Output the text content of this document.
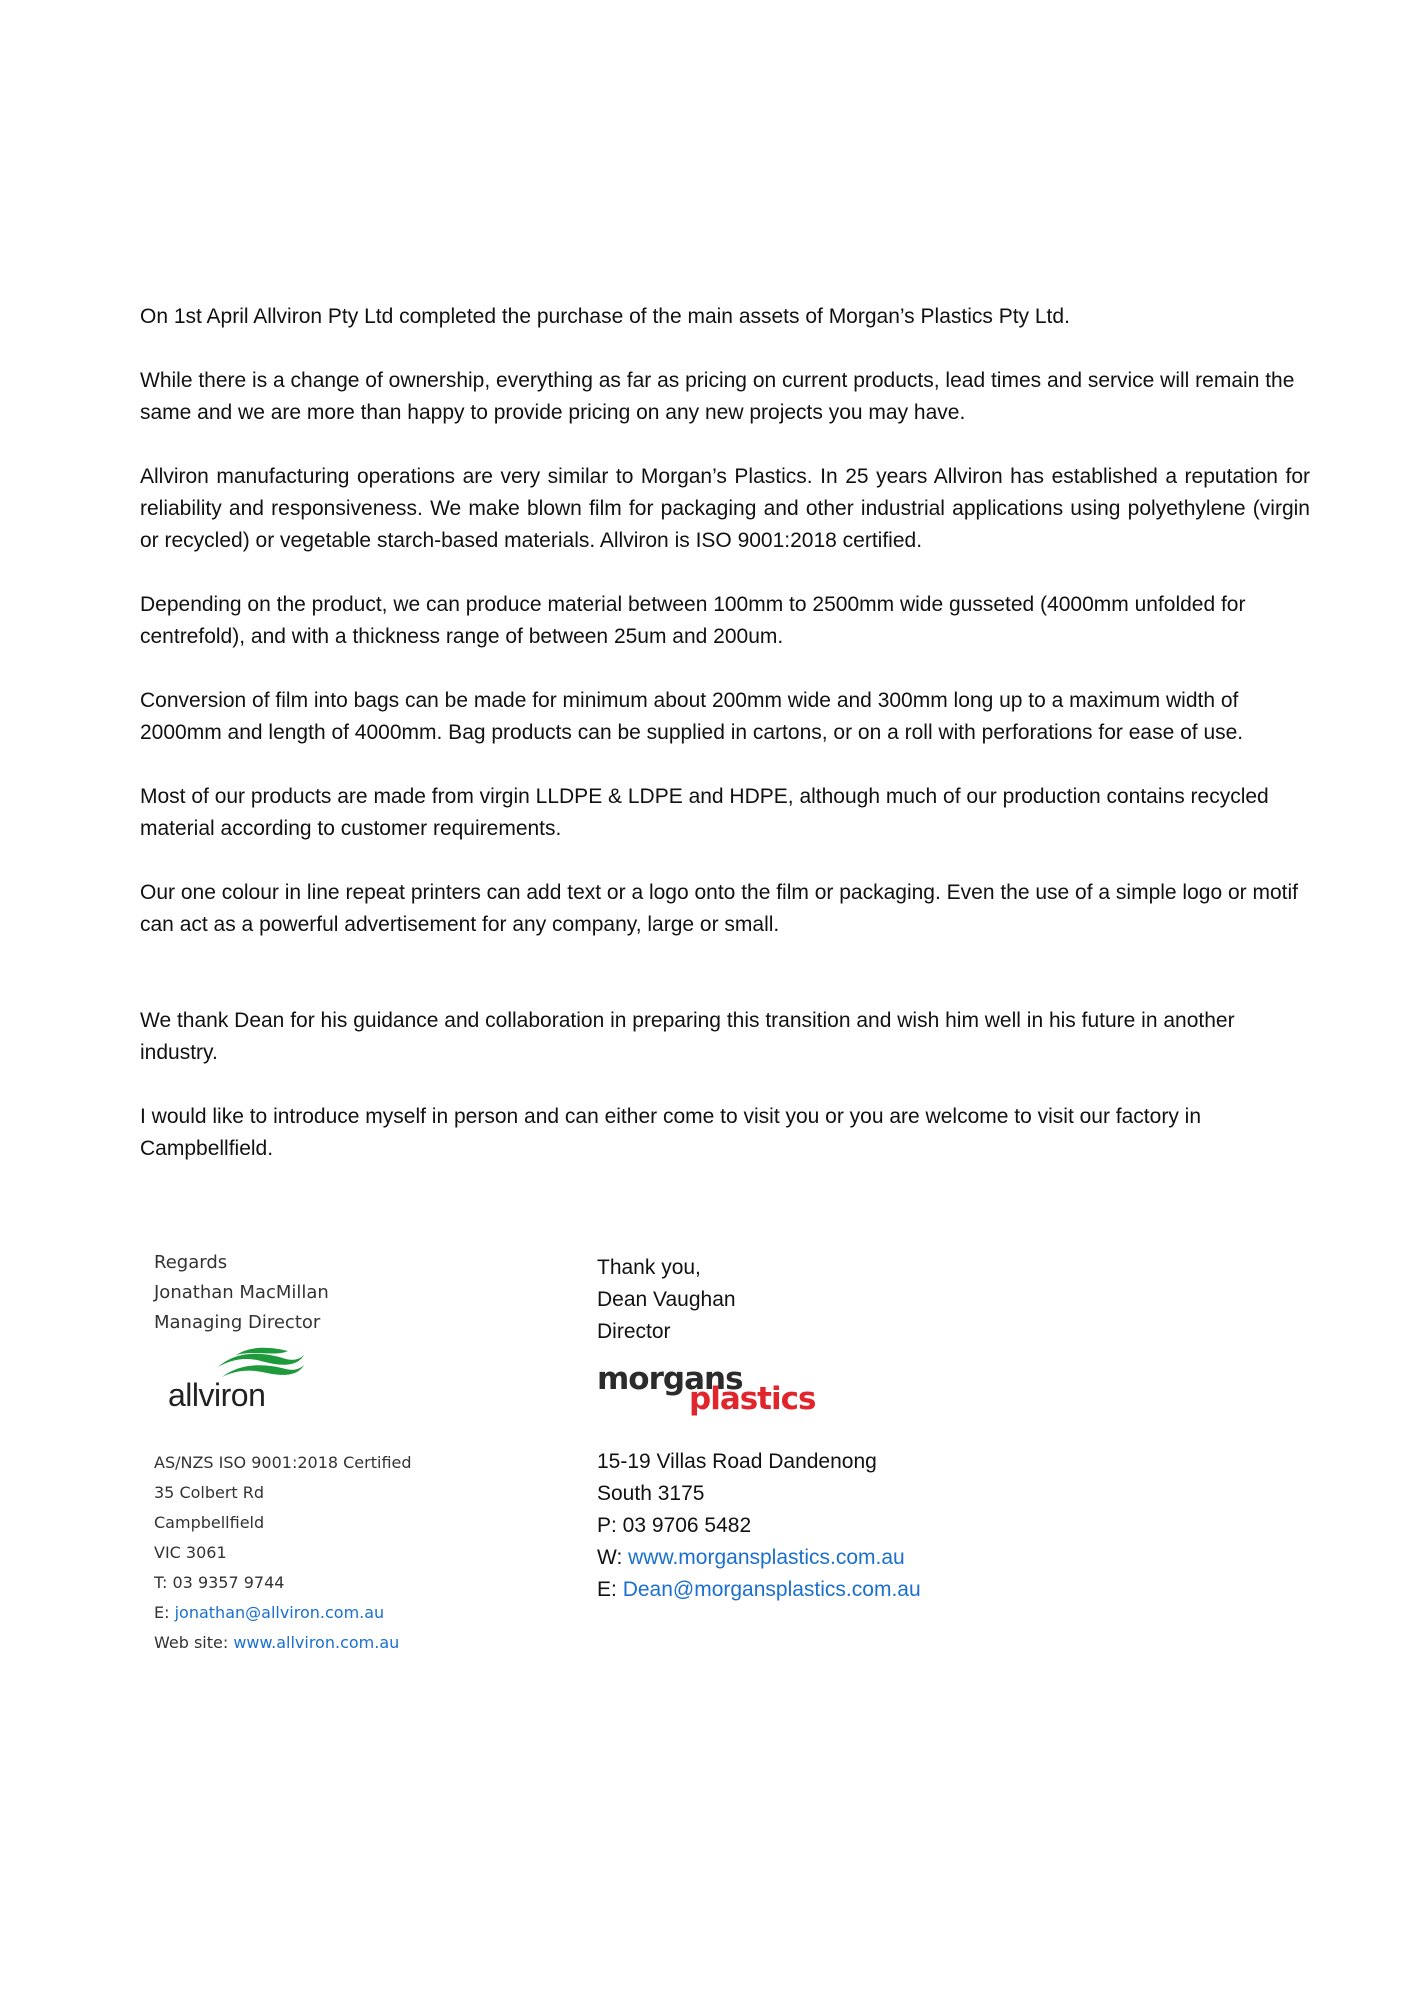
On 1st April Allviron Pty Ltd completed the purchase of the main assets of Morgan’s Plastics Pty Ltd.

While there is a change of ownership, everything as far as pricing on current products, lead times and service will remain the same and we are more than happy to provide pricing on any new projects you may have.

Allviron manufacturing operations are very similar to Morgan’s Plastics. In 25 years Allviron has established a reputation for reliability and responsiveness. We make blown film for packaging and other industrial applications using polyethylene (virgin or recycled) or vegetable starch-based materials. Allviron is ISO 9001:2018 certified.

Depending on the product, we can produce material between 100mm to 2500mm wide gusseted (4000mm unfolded for centrefold), and with a thickness range of between 25um and 200um.

Conversion of film into bags can be made for minimum about 200mm wide and 300mm long up to a maximum width of 2000mm and length of 4000mm. Bag products can be supplied in cartons, or on a roll with perforations for ease of use.

Most of our products are made from virgin LLDPE & LDPE and HDPE, although much of our production contains recycled material according to customer requirements.

Our one colour in line repeat printers can add text or a logo onto the film or packaging. Even the use of a simple logo or motif can act as a powerful advertisement for any company, large or small.

We thank Dean for his guidance and collaboration in preparing this transition and wish him well in his future in another industry.

I would like to introduce myself in person and can either come to visit you or you are welcome to visit our factory in Campbellfield.

Regards
Jonathan MacMillan
Managing Director
allviron
AS/NZS ISO 9001:2018 Certified
35 Colbert Rd
Campbellfield
VIC 3061
T: 03 9357 9744
E: jonathan@allviron.com.au
Web site: www.allviron.com.au
Thank you,
Dean Vaughan
Director
morgans
plastics
15-19 Villas Road Dandenong
South 3175
P: 03 9706 5482
W: www.morgansplastics.com.au
E: Dean@morgansplastics.com.au
